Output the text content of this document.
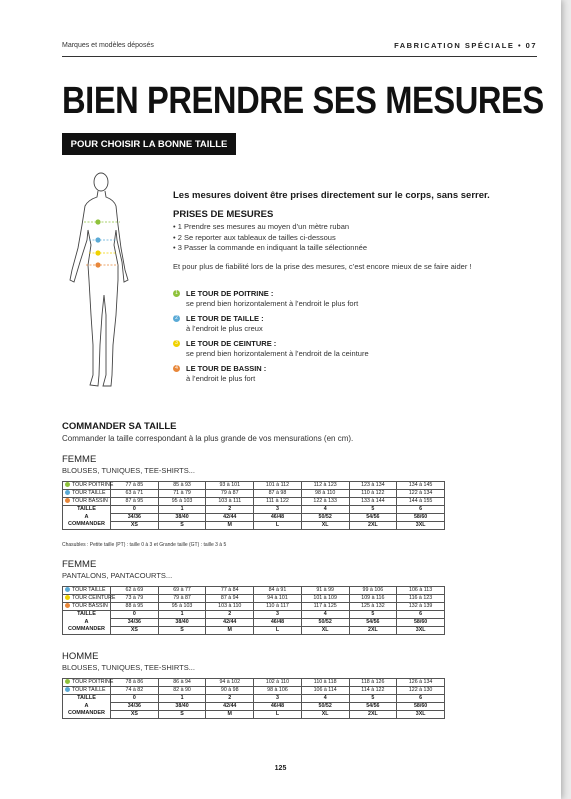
Marques et modèles déposés	FABRICATION SPÉCIALE • 07
BIEN PRENDRE SES MESURES
POUR CHOISIR LA BONNE TAILLE
Les mesures doivent être prises directement sur le corps, sans serrer.
PRISES DE MESURES
• 1 Prendre ses mesures au moyen d’un mètre ruban
• 2 Se reporter aux tableaux de tailles ci-dessous
• 3 Passer la commande en indiquant la taille sélectionnée
Et pour plus de fiabilité lors de la prise des mesures, c’est encore mieux de se faire aider !
1 LE TOUR DE POITRINE :
se prend bien horizontalement à l’endroit le plus fort
2 LE TOUR DE TAILLE :
à l’endroit le plus creux
3 LE TOUR DE CEINTURE :
se prend bien horizontalement à l’endroit de la ceinture
4 LE TOUR DE BASSIN :
à l’endroit le plus fort
COMMANDER SA TAILLE
Commander la taille correspondant à la plus grande de vos mensurations (en cm).
FEMME
BLOUSES, TUNIQUES, TEE-SHIRTS...
TOUR POITRINE	77 à 85	85 à 93	93 à 101	101 à 112	112 à 123	123 à 134	134 à 145
TOUR TAILLE	63 à 71	71 à 79	79 à 87	87 à 98	98 à 110	110 à 122	122 à 134
TOUR BASSIN	87 à 95	95 à 103	103 à 111	111 à 122	122 à 133	133 à 144	144 à 155
TAILLE
A
COMMANDER	0	1	2	3	4	5	6
	34/36	38/40	42/44	46/48	50/52	54/56	58/60
	XS	S	M	L	XL	2XL	3XL
FEMME
PANTALONS, PANTACOURTS...
TOUR TAILLE	62 à 69	69 à 77	77 à 84	84 à 91	91 à 99	99 à 106	106 à 113
TOUR CEINTURE	73 à 79	79 à 87	87 à 94	94 à 101	101 à 109	109 à 116	116 à 123
TOUR BASSIN	88 à 95	95 à 103	103 à 110	110 à 117	117 à 125	125 à 132	132 à 139
TAILLE
A
COMMANDER	0	1	2	3	4	5	6
	34/36	38/40	42/44	46/48	50/52	54/56	58/60
	XS	S	M	L	XL	2XL	3XL
HOMME
BLOUSES, TUNIQUES, TEE-SHIRTS...
TOUR POITRINE	78 à 86	86 à 94	94 à 102	102 à 110	110 à 118	118 à 126	126 à 134
TOUR TAILLE	74 à 82	82 à 90	90 à 98	98 à 106	106 à 114	114 à 122	122 à 130
TAILLE
A
COMMANDER	0	1	2	3	4	5	6
	34/36	38/40	42/44	46/48	50/52	54/56	58/60
	XS	S	M	L	XL	2XL	3XL
Chasubles : Petite taille (PT) : taille 0 à 3 et Grande taille (GT) : taille 3 à 5
125
